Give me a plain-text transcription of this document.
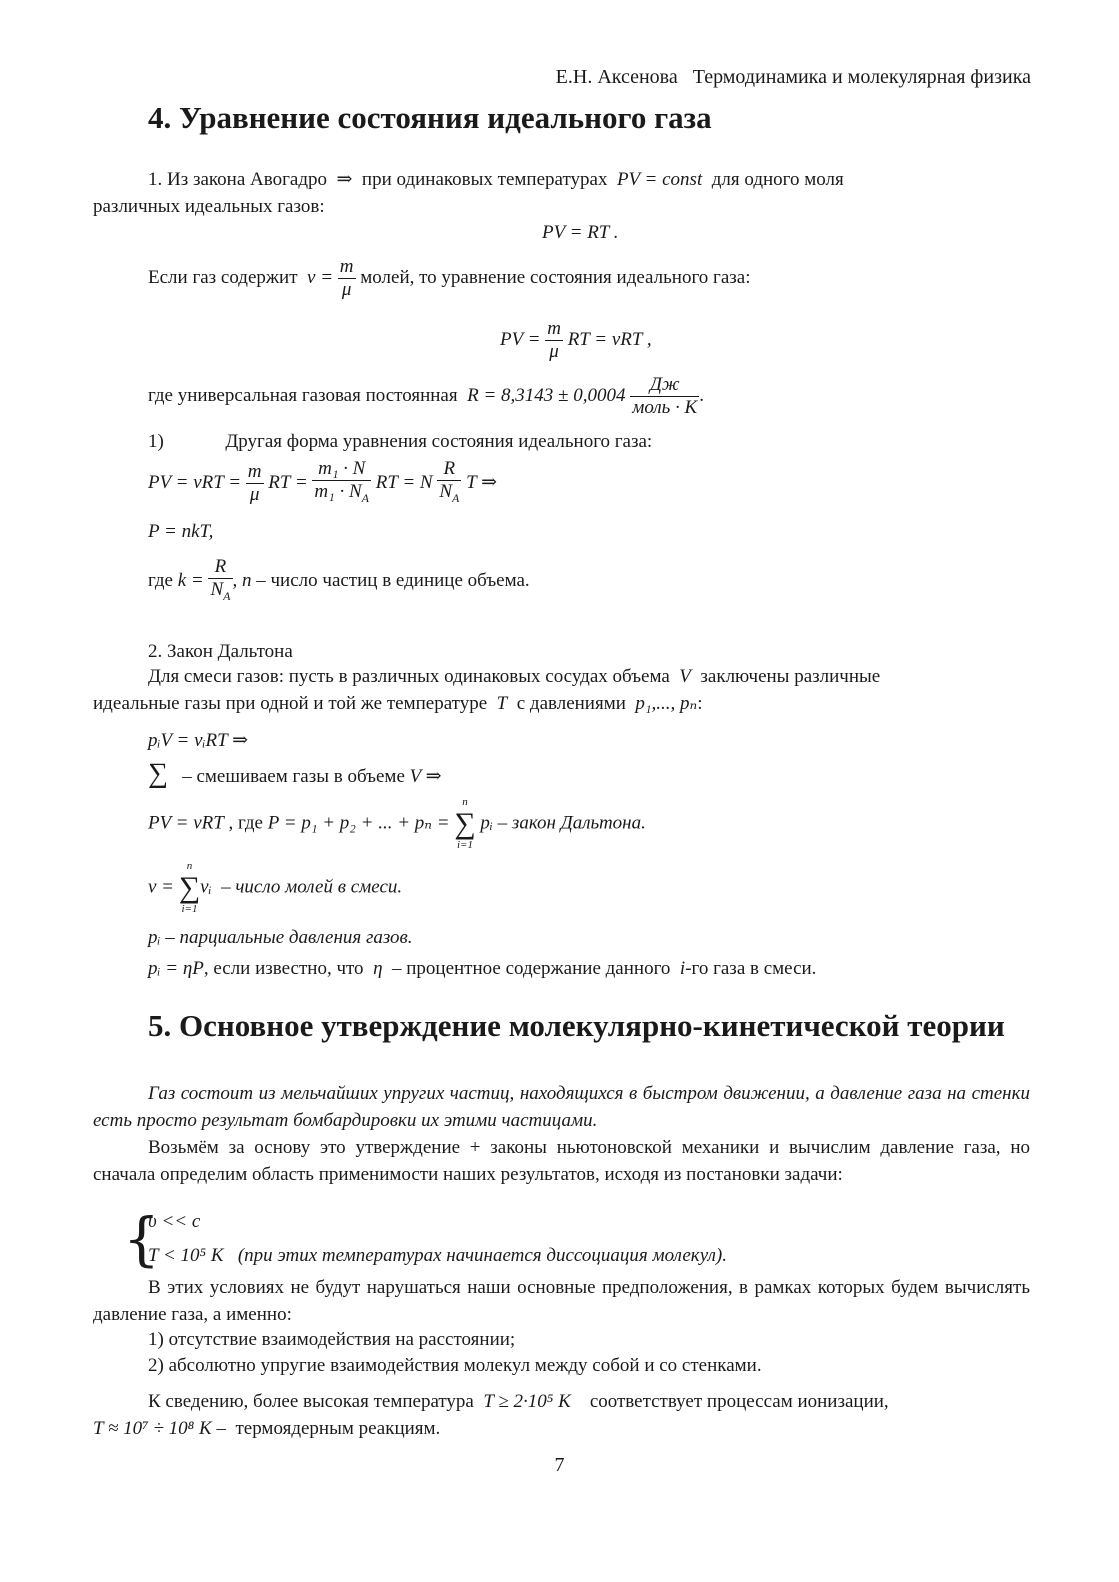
Е.Н. Аксенова Термодинамика и молекулярная физика
4. Уравнение состояния идеального газа
1. Из закона Авогадро ⇒ при одинаковых температурах PV = const для одного моля
различных идеальных газов:
PV = RT .
Если газ содержит $\nu = \frac{m}{\mu}$ молей, то уравнение состояния идеального газа:
PV = $\frac{m}{\mu}$ RT = νRT ,
где универсальная газовая постоянная $R = 8,3143 \pm 0,0004 \frac{Дж}{\text{моль · K}}$ .
1)	Другая форма уравнения состояния идеального газа:
PV = $\nu RT = \frac{m}{\mu}$ RT = $\frac{\text{m₁ · N}}{m_1 \cdot N_A}$ RT = N $\frac{R}{N_A}$ T ⇒
P = nkT,
где $k = \frac{R}{N_A}$ , n – число частиц в единице объема.
2. Закон Дальтона
Для смеси газов: пусть в различных одинаковых сосудах объема V заключены различные
идеальные газы при одной и той же температуре T с давлениями p₁,..., pₙ:
pᵢV = νᵢRT ⇒
∑ – смешиваем газы в объеме V ⇒
PV = νRT , где P = p₁ + p₂ + ... + pₙ =
n
∑
i=1
pᵢ – закон Дальтона.
ν =
n
∑
i=1
νᵢ – число молей в смеси.
pᵢ – парциальные давления газов.
pᵢ = ηP, если известно, что η – процентное содержание данного i-го газа в смеси.
5. Основное утверждение молекулярно-кинетической теории
Газ состоит из мельчайших упругих частиц, находящихся в быстром движении, а давление газа на стенки есть просто результат бомбардировки их этими частицами.
Возьмём за основу это утверждение + законы ньютоновской механики и вычислим давление газа, но сначала определим область применимости наших результатов, исходя из постановки задачи:
{
υ << c
T < 10⁵ K (при этих температурах начинается диссоциация молекул).
В этих условиях не будут нарушаться наши основные предположения, в рамках которых будем вычислять давление газа, а именно:
1) отсутствие взаимодействия на расстоянии;
2) абсолютно упругие взаимодействия молекул между собой и со стенками.
К сведению, более высокая температура T ≥ 2·10⁵ K соответствует процессам ионизации,
T ≈ 10⁷ ÷ 10⁸ K – термоядерным реакциям.
7
